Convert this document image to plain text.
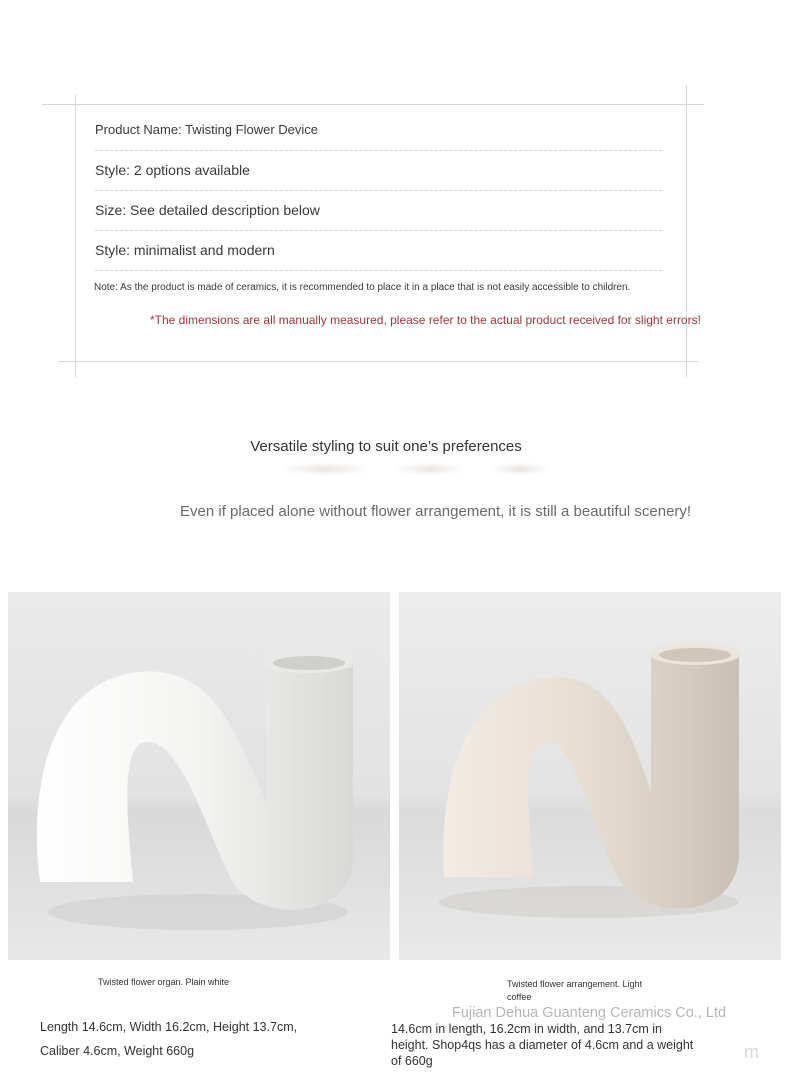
Product Name: Twisting Flower Device
Style: 2 options available
Size: See detailed description below
Style: minimalist and modern
Note: As the product is made of ceramics, it is recommended to place it in a place that is not easily accessible to children.
*The dimensions are all manually measured, please refer to the actual product received for slight errors!
Versatile styling to suit one’s preferences
Even if placed alone without flower arrangement, it is still a beautiful scenery!
Twisted flower organ. Plain white	Twisted flower arrangement. Light
coffee
Length 14.6cm, Width 16.2cm, Height 13.7cm,
Caliber 4.6cm, Weight 660g
Fujian Dehua Guanteng Ceramics Co., Ltd
14.6cm in length, 16.2cm in width, and 13.7cm in
height. Shop4qs has a diameter of 4.6cm and a weight
of 660g	m
